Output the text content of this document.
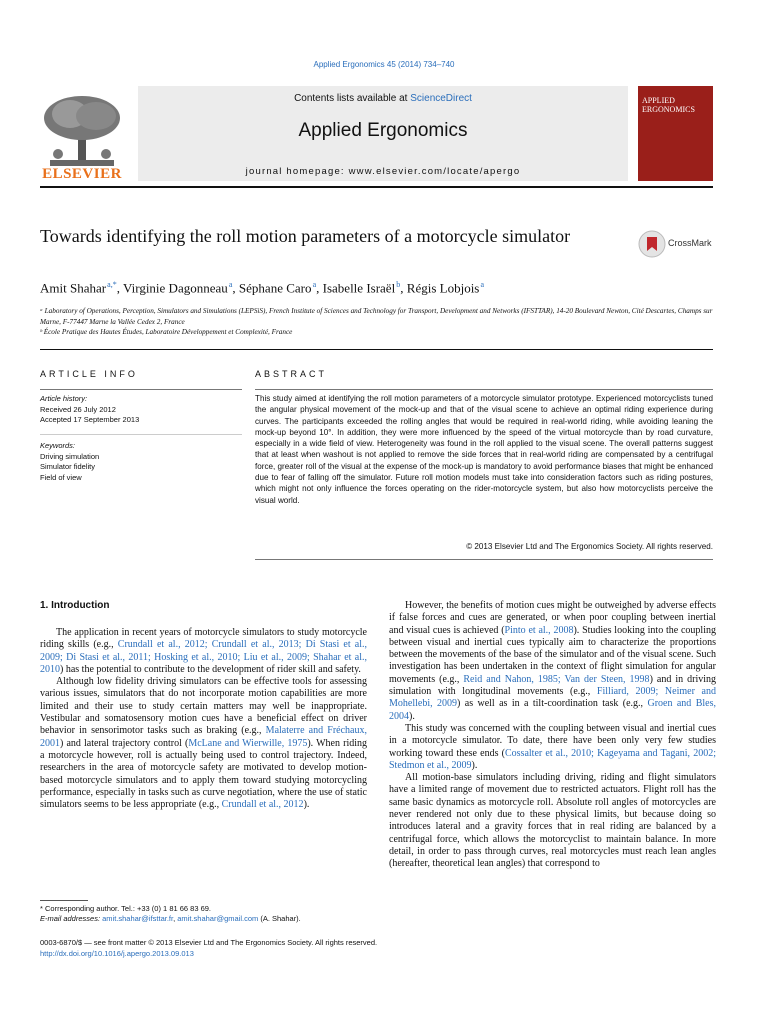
Applied Ergonomics 45 (2014) 734–740
ELSEVIER
Contents lists available at ScienceDirect
Applied Ergonomics
journal homepage: www.elsevier.com/locate/apergo
APPLIED
ERGONOMICS
Towards identifying the roll motion parameters of a motorcycle simulator	CrossMark
Amit Shahar $^{a,*}$, Virginie Dagonneau $^a$, Séphane Caro $^a$, Isabelle Israël $^b$, Régis Lobjois $^a$
ᵃ Laboratory of Operations, Perception, Simulators and Simulations (LEPSiS), French Institute of Sciences and Technology for Transport, Development and Networks (IFSTTAR), 14-20 Boulevard Newton, Cité Descartes, Champs sur Marne, F-77447 Marne la Vallée Cedex 2, France
ᵇ École Pratique des Hautes Études, Laboratoire Développement et Complexité, France
ARTICLE INFO
Article history:
Received 26 July 2012
Accepted 17 September 2013
Keywords:
Driving simulation
Simulator fidelity
Field of view
ABSTRACT
This study aimed at identifying the roll motion parameters of a motorcycle simulator prototype. Experienced motorcyclists tuned the angular physical movement of the mock-up and that of the visual scene to achieve an optimal riding experience during curves. The participants exceeded the rolling angles that would be required in real-world riding, while avoiding leaning the mock-up beyond 10°. In addition, they were more influenced by the speed of the virtual motorcycle than by road curvature, especially in a wide field of view. Heterogeneity was found in the roll applied to the visual scene. The overall patterns suggest that at least when washout is not applied to remove the side forces that in real-world riding are compensated by a centrifugal force, greater roll of the visual at the expense of the mock-up is mandatory to avoid performance biases that might be enhanced due to fear of falling off the simulator. Future roll motion models must take into consideration factors such as riding postures, which might not only influence the forces operating on the rider-motorcycle system, but also how motorcyclists perceive the visual world.
© 2013 Elsevier Ltd and The Ergonomics Society. All rights reserved.
1. Introduction

The application in recent years of motorcycle simulators to study motorcycle riding skills (e.g., Crundall et al., 2012; Crundall et al., 2013; Di Stasi et al., 2009; Di Stasi et al., 2011; Hosking et al., 2010; Liu et al., 2009; Shahar et al., 2010) has the potential to contribute to the development of rider skill and safety.

Although low fidelity driving simulators can be effective tools for assessing various issues, simulators that do not incorporate motion capabilities are more limited and their use to study certain matters may well be inappropriate. Vestibular and somatosensory motion cues have a beneficial effect on driver behavior in sensorimotor tasks such as braking (e.g., Malaterre and Fréchaux, 2001) and lateral trajectory control (McLane and Wierwille, 1975). When riding a motorcycle however, roll is actually being used to control trajectory. Indeed, researchers in the area of motorcycle safety are motivated to develop motion-based motorcycle simulators and to apply them toward studying motorcycling performance, especially in tasks such as curve negotiation, where the use of static simulators seems to be less appropriate (e.g., Crundall et al., 2012).

However, the benefits of motion cues might be outweighed by adverse effects if false forces and cues are generated, or when poor coupling between inertial and visual cues is achieved (Pinto et al., 2008). Studies looking into the coupling between visual and inertial cues typically aim to characterize the proportions between the movements of the base of the simulator and of the visual scene. Such investigation has been undertaken in the context of flight simulation for angular movements (e.g., Reid and Nahon, 1985; Van der Steen, 1998) and in driving simulation with longitudinal movements (e.g., Filliard, 2009; Neimer and Mohellebi, 2009) as well as in a tilt-coordination task (e.g., Groen and Bles, 2004).

This study was concerned with the coupling between visual and inertial cues in a motorcycle simulator. To date, there have been only very few studies working toward these ends (Cossalter et al., 2010; Kageyama and Tagani, 2002; Stedmon et al., 2009).

All motion-base simulators including driving, riding and flight simulators have a limited range of movement due to restricted actuators. Flight roll has the same basic dynamics as motorcycle roll. Absolute roll angles of motorcycles are never rendered not only due to these physical limits, but because doing so introduces lateral and a gravity forces that in real riding are balanced by a centrifugal force, which allows the motorcyclist to maintain balance. In more detail, in order to pass through curves, real motorcycles must reach lean angles (hereafter, theoretical lean angles) that correspond to

* Corresponding author. Tel.: +33 (0) 1 81 66 83 69.
E-mail addresses: amit.shahar@ifsttar.fr, amit.shahar@gmail.com (A. Shahar).
0003-6870/$ — see front matter © 2013 Elsevier Ltd and The Ergonomics Society. All rights reserved.
http://dx.doi.org/10.1016/j.apergo.2013.09.013
